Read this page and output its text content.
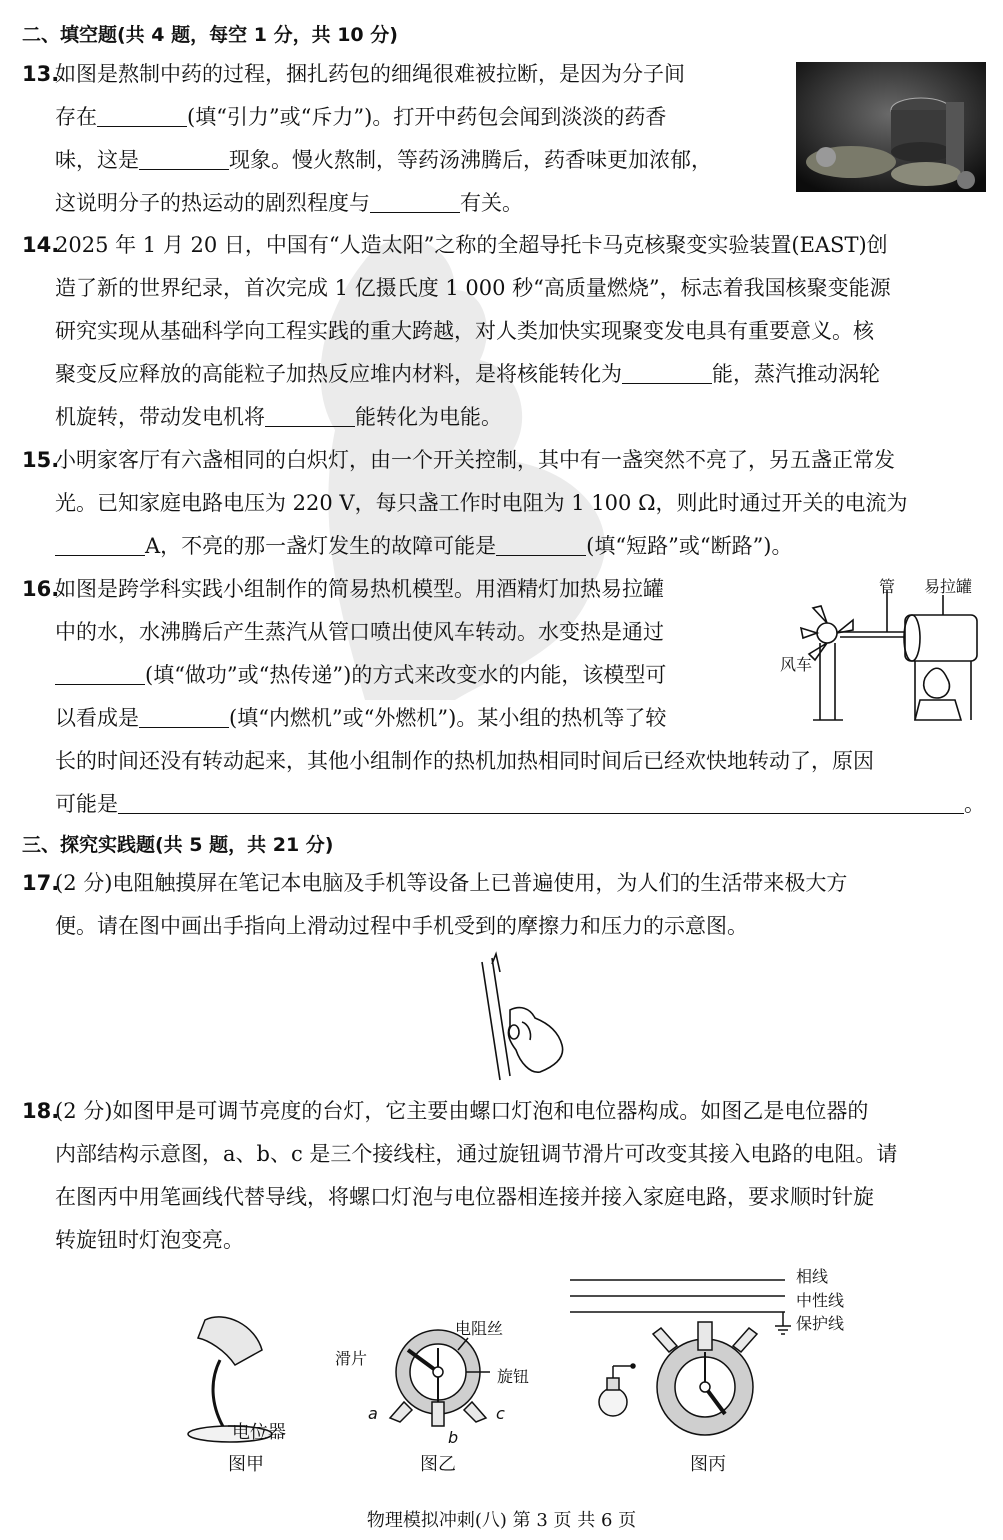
二、填空题(共 4 题，每空 1 分，共 10 分)
13.
如图是熬制中药的过程，捆扎药包的细绳很难被拉断，是因为分子间
存在	(填“引力”或“斥力”)。打开中药包会闻到淡淡的药香
味，这是	现象。慢火熬制，等药汤沸腾后，药香味更加浓郁，
这说明分子的热运动的剧烈程度与	有关。
14.
2025 年 1 月 20 日，中国有“人造太阳”之称的全超导托卡马克核聚变实验装置(EAST)创
造了新的世界纪录，首次完成 1 亿摄氏度 1 000 秒“高质量燃烧”，标志着我国核聚变能源
研究实现从基础科学向工程实践的重大跨越，对人类加快实现聚变发电具有重要意义。核
聚变反应释放的高能粒子加热反应堆内材料，是将核能转化为	能，蒸汽推动涡轮
机旋转，带动发电机将	能转化为电能。
15.
小明家客厅有六盏相同的白炽灯，由一个开关控制，其中有一盏突然不亮了，另五盏正常发
光。已知家庭电路电压为 220 V，每只盏工作时电阻为 1 100 Ω，则此时通过开关的电流为
A，不亮的那一盏灯发生的故障可能是	(填“短路”或“断路”)。
16.
如图是跨学科实践小组制作的简易热机模型。用酒精灯加热易拉罐
中的水，水沸腾后产生蒸汽从管口喷出使风车转动。水变热是通过
(填“做功”或“热传递”)的方式来改变水的内能，该模型可
以看成是	(填“内燃机”或“外燃机”)。某小组的热机等了较
长的时间还没有转动起来，其他小组制作的热机加热相同时间后已经欢快地转动了，原因
可能是	。
管 易拉罐
风车
三、探究实践题(共 5 题，共 21 分)
17.
(2 分)电阻触摸屏在笔记本电脑及手机等设备上已普遍使用，为人们的生活带来极大方
便。请在图中画出手指向上滑动过程中手机受到的摩擦力和压力的示意图。
18.
(2 分)如图甲是可调节亮度的台灯，它主要由螺口灯泡和电位器构成。如图乙是电位器的
内部结构示意图，a、b、c 是三个接线柱，通过旋钮调节滑片可改变其接入电路的电阻。请
在图丙中用笔画线代替导线，将螺口灯泡与电位器相连接并接入家庭电路，要求顺时针旋
转旋钮时灯泡变亮。
电位器
图甲
电阻丝
滑片
旋钮
a
b
c
图乙
相线
中性线
保护线
图丙
物理模拟冲刺(八) 第 3 页 共 6 页
